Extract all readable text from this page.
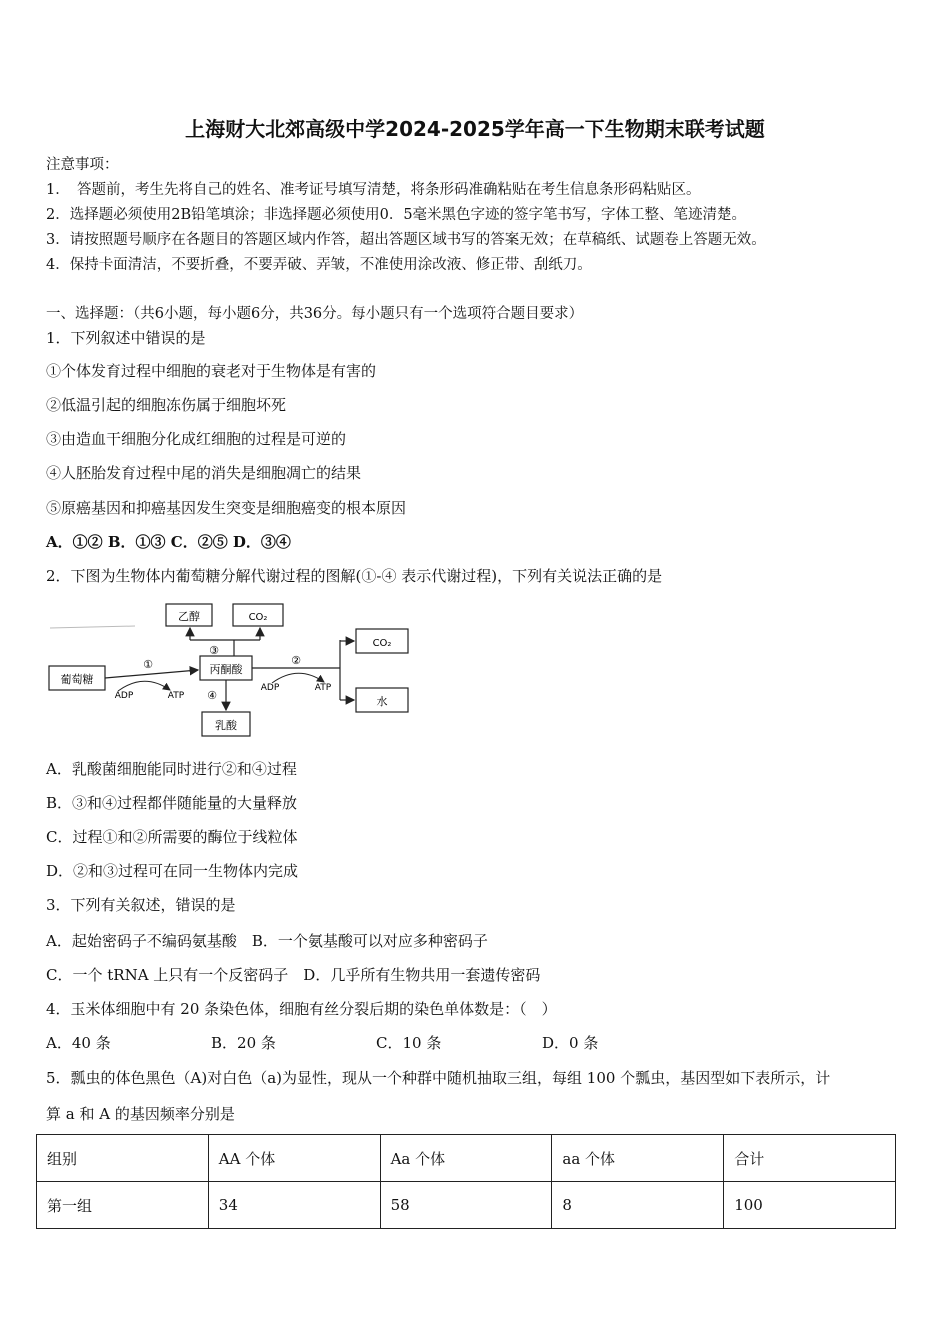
上海财大北郊高级中学2024-2025学年高一下生物期末联考试题
注意事项：
1．　答题前，考生先将自己的姓名、准考证号填写清楚，将条形码准确粘贴在考生信息条形码粘贴区。
2．选择题必须使用2B铅笔填涂；非选择题必须使用0．5毫米黑色字迹的签字笔书写，字体工整、笔迹清楚。
3．请按照题号顺序在各题目的答题区域内作答，超出答题区域书写的答案无效；在草稿纸、试题卷上答题无效。
4．保持卡面清洁，不要折叠，不要弄破、弄皱，不准使用涂改液、修正带、刮纸刀。
一、选择题：（共6小题，每小题6分，共36分。每小题只有一个选项符合题目要求）
1．下列叙述中错误的是
①个体发育过程中细胞的衰老对于生物体是有害的
②低温引起的细胞冻伤属于细胞坏死
③由造血干细胞分化成红细胞的过程是可逆的
④人胚胎发育过程中尾的消失是细胞凋亡的结果
⑤原癌基因和抑癌基因发生突变是细胞癌变的根本原因
A．①② B．①③ C．②⑤ D．③④
2．下图为生物体内葡萄糖分解代谢过程的图解(①-④ 表示代谢过程)，下列有关说法正确的是
葡萄糖
丙酮酸
乙醇	CO₂
CO₂
水
乳酸
①	②
③
④
ADP	ATP
ADP	ATP
A．乳酸菌细胞能同时进行②和④过程
B．③和④过程都伴随能量的大量释放
C．过程①和②所需要的酶位于线粒体
D．②和③过程可在同一生物体内完成
3．下列有关叙述，错误的是
A．起始密码子不编码氨基酸　B．一个氨基酸可以对应多种密码子
C．一个 tRNA 上只有一个反密码子　D．几乎所有生物共用一套遗传密码
4．玉米体细胞中有 20 条染色体，细胞有丝分裂后期的染色单体数是：（　）
A．40 条	B．20 条	C．10 条	D．0 条
5．瓢虫的体色黑色（A)对白色（a)为显性，现从一个种群中随机抽取三组，每组 100 个瓢虫，基因型如下表所示，计
算 a 和 A 的基因频率分别是
组别	AA 个体	Aa 个体	aa 个体	合计
第一组	34	58	8	100
